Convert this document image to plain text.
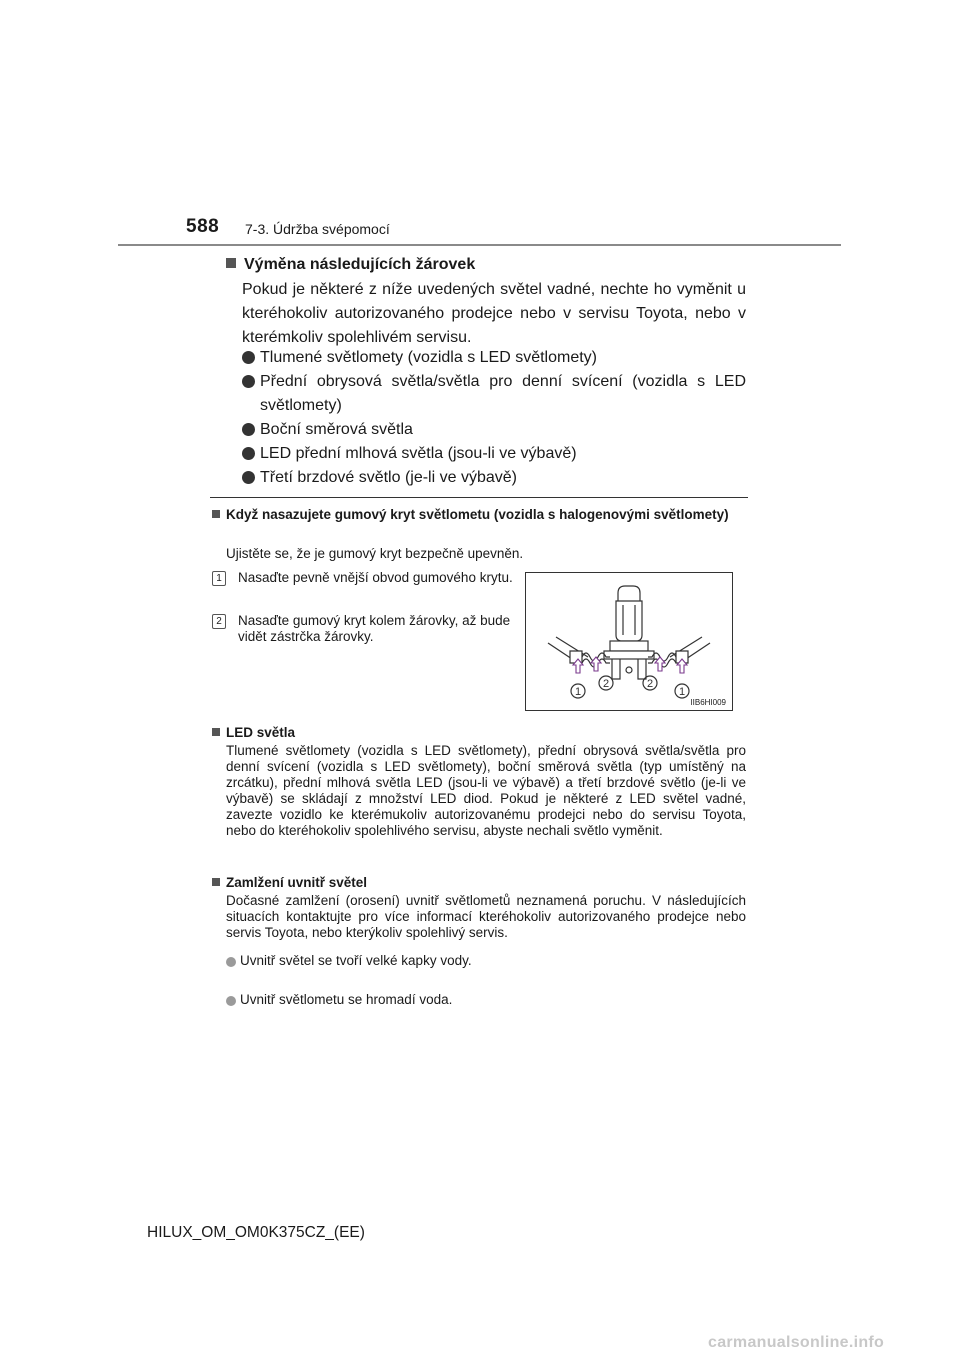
588 7-3. Údržba svépomocí
Výměna následujících žárovek
Pokud je některé z níže uvedených světel vadné, nechte ho vyměnit u kteréhokoliv autorizovaného prodejce nebo v servisu Toyota, nebo v kterémkoliv spolehlivém servisu.

Tlumené světlomety (vozidla s LED světlomety)

Přední obrysová světla/světla pro denní svícení (vozidla s LED světlomety)

Boční směrová světla

LED přední mlhová světla (jsou-li ve výbavě)

Třetí brzdové světlo (je-li ve výbavě)

Když nasazujete gumový kryt světlometu (vozidla s halogenovými světlomety)
Ujistěte se, že je gumový kryt bezpečně upevněn.
1	Nasaďte pevně vnější obvod gumového krytu.
2	Nasaďte gumový kryt kolem žárovky, až bude vidět zástrčka žárovky.
1
2	2
1
IIB6HI009
LED světla
Tlumené světlomety (vozidla s LED světlomety), přední obrysová světla/světla pro denní svícení (vozidla s LED světlomety), boční směrová světla (typ umístěný na zrcátku), přední mlhová světla LED (jsou-li ve výbavě) a třetí brzdové světlo (je-li ve výbavě) se skládají z množství LED diod. Pokud je některé z LED světel vadné, zavezte vozidlo ke kterémukoliv autorizovanému prodejci nebo do servisu Toyota, nebo do kteréhokoliv spolehlivého servisu, abyste nechali světlo vyměnit.
Zamlžení uvnitř světel
Dočasné zamlžení (orosení) uvnitř světlometů neznamená poruchu. V následujících situacích kontaktujte pro více informací kteréhokoliv autorizovaného prodejce nebo servis Toyota, nebo kterýkoliv spolehlivý servis.
Uvnitř světel se tvoří velké kapky vody.
Uvnitř světlometu se hromadí voda.
HILUX_OM_OM0K375CZ_(EE)
carmanualsonline.info
